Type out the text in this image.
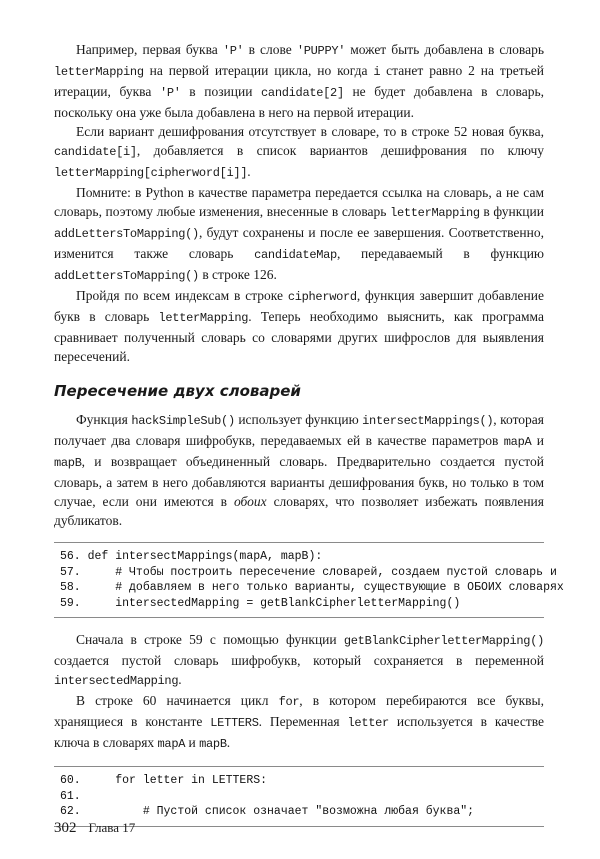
Например, первая буква 'P' в слове 'PUPPY' может быть добавлена в словарь letterMapping на первой итерации цикла, но когда i станет равно 2 на третьей итерации, буква 'P' в позиции candidate[2] не будет добавлена в словарь, поскольку она уже была добавлена в него на первой итерации.

Если вариант дешифрования отсутствует в словаре, то в строке 52 новая буква, candidate[i], добавляется в список вариантов дешифрования по ключу letterMapping[cipherword[i]].

Помните: в Python в качестве параметра передается ссылка на словарь, а не сам словарь, поэтому любые изменения, внесенные в словарь letterMapping в функции addLettersToMapping(), будут сохранены и после ее завершения. Соответственно, изменится также словарь candidateMap, передаваемый в функцию addLettersToMapping() в строке 126.

Пройдя по всем индексам в строке cipherword, функция завершит добавление букв в словарь letterMapping. Теперь необходимо выяснить, как программа сравнивает полученный словарь со словарями других шифрослов для выявления пересечений.

Пересечение двух словарей

Функция hackSimpleSub() использует функцию intersectMappings(), которая получает два словаря шифробукв, передаваемых ей в качестве параметров mapA и mapB, и возвращает объединенный словарь. Предварительно создается пустой словарь, а затем в него добавляются варианты дешифрования букв, но только в том случае, если они имеются в обоих словарях, что позволяет избежать появления дубликатов.

56. def intersectMappings(mapA, mapB):
57.     # Чтобы построить пересечение словарей, создаем пустой словарь и
58.     # добавляем в него только варианты, существующие в ОБОИХ словарях
59.     intersectedMapping = getBlankCipherletterMapping()

Сначала в строке 59 с помощью функции getBlankCipherletterMapping() создается пустой словарь шифробукв, который сохраняется в переменной intersectedMapping.

В строке 60 начинается цикл for, в котором перебираются все буквы, хранящиеся в константе LETTERS. Переменная letter используется в качестве ключа в словарях mapA и mapB.

60.     for letter in LETTERS:
61.
62.         # Пустой список означает "возможна любая буква";
302 Глава 17
